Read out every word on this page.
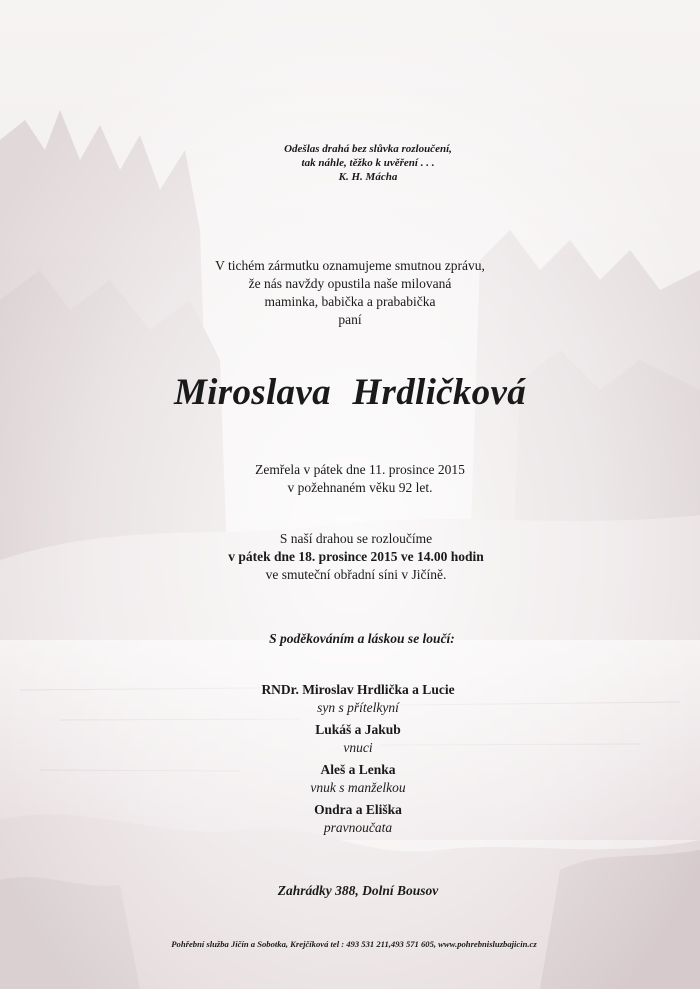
Odešlas drahá bez slůvka rozloučení,
tak náhle, těžko k uvěření . . .
K. H. Mácha
V tichém zármutku oznamujeme smutnou zprávu,
že nás navždy opustila naše milovaná
maminka, babička a prababička
paní
Miroslava Hrdličková
Zemřela v pátek dne 11. prosince 2015
v požehnaném věku 92 let.
S naší drahou se rozloučíme
v pátek dne 18. prosince 2015 ve 14.00 hodin
ve smuteční obřadní síni v Jičíně.
S poděkováním a láskou se loučí:
RNDr. Miroslav Hrdlička a Lucie
syn s přítelkyní
Lukáš a Jakub
vnuci
Aleš a Lenka
vnuk s manželkou
Ondra a Eliška
pravnoučata
Zahrádky 388, Dolní Bousov
Pohřební služba Jičín a Sobotka, Krejčíková tel : 493 531 211,493 571 605, www.pohrebnisluzbajicin.cz
